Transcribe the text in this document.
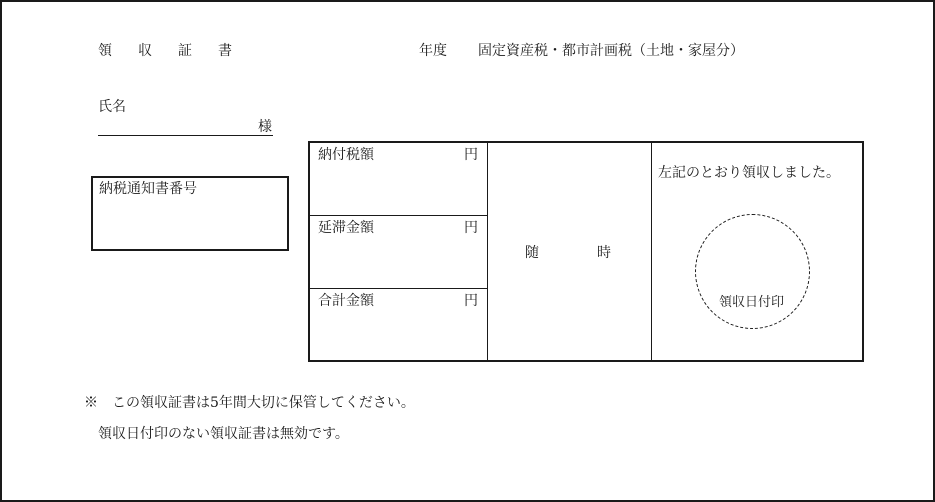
領収証書	年度 固定資産税・都市計画税（土地・家屋分）
氏名
様
納税通知書番号
納付税額	円
延滞金額	円
合計金額	円
随時
左記のとおり領収しました。
領収日付印
※　この領収証書は5年間大切に保管してください。
領収日付印のない領収証書は無効です。
